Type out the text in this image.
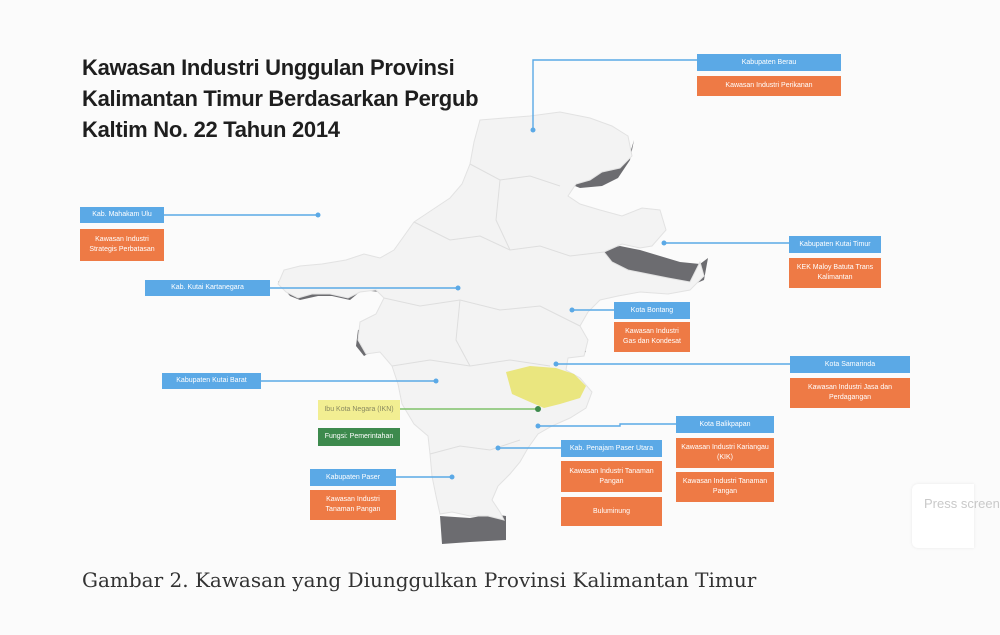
Kawasan Industri Unggulan Provinsi Kalimantan Timur Berdasarkan Pergub Kaltim No. 22 Tahun 2014
Kabupaten Berau
Kawasan Industri Perikanan
Kab. Mahakam Ulu
Kawasan Industri Strategis Perbatasan
Kabupaten Kutai Timur
KEK Maloy Batuta Trans Kalimantan
Kab. Kutai Kartanegara
Kota Bontang
Kawasan Industri Gas dan Kondesat
Kota Samarinda
Kawasan Industri Jasa dan Perdagangan
Kabupaten Kutai Barat
Ibu Kota Negara (IKN)
Fungsi: Pemerintahan
Kota Balikpapan
Kawasan Industri Kariangau (KIK)
Kawasan Industri Tanaman Pangan
Kab. Penajam Paser Utara
Kawasan Industri Tanaman Pangan
Buluminung
Kabupaten Paser
Kawasan Industri Tanaman Pangan
Gambar 2. Kawasan yang Diunggulkan Provinsi Kalimantan Timur
Press screen
